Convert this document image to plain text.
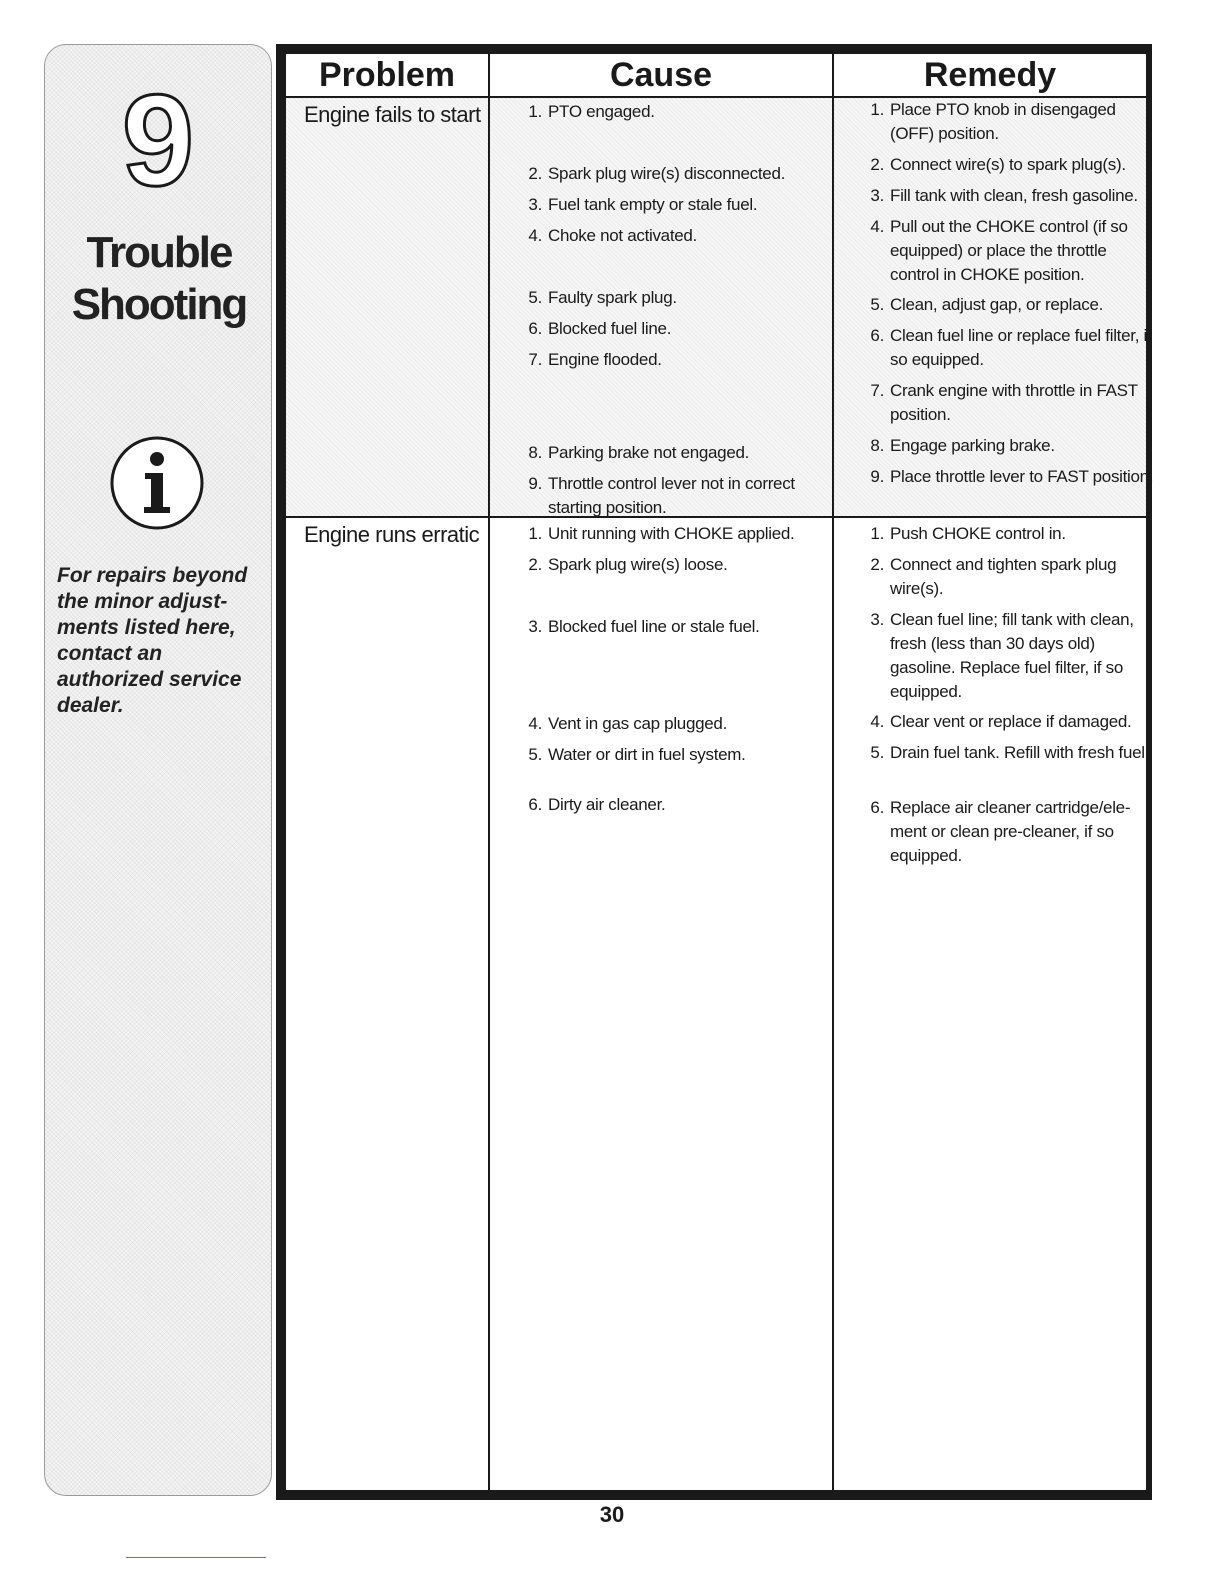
9
Trouble
Shooting
For repairs beyond the minor adjust-ments listed here, contact an authorized service dealer.
Problem	Cause	Remedy
Engine fails to start
Engine runs erratic
1. PTO engaged.
2. Spark plug wire(s) disconnected.
3. Fuel tank empty or stale fuel.
4. Choke not activated.
5. Faulty spark plug.
6. Blocked fuel line.
7. Engine flooded.
8. Parking brake not engaged.
9. Throttle control lever not in correct starting position.
1. Place PTO knob in disengaged (OFF) position.
2. Connect wire(s) to spark plug(s).
3. Fill tank with clean, fresh gasoline.
4. Pull out the CHOKE control (if so equipped) or place the throttle control in CHOKE position.
5. Clean, adjust gap, or replace.
6. Clean fuel line or replace fuel filter, if so equipped.
7. Crank engine with throttle in FAST position.
8. Engage parking brake.
9. Place throttle lever to FAST position.
1. Unit running with CHOKE applied.
2. Spark plug wire(s) loose.
3. Blocked fuel line or stale fuel.
4. Vent in gas cap plugged.
5. Water or dirt in fuel system.
6. Dirty air cleaner.
1. Push CHOKE control in.
2. Connect and tighten spark plug wire(s).
3. Clean fuel line; fill tank with clean, fresh (less than 30 days old) gasoline. Replace fuel filter, if so equipped.
4. Clear vent or replace if damaged.
5. Drain fuel tank. Refill with fresh fuel.
6. Replace air cleaner cartridge/ele-ment or clean pre-cleaner, if so equipped.
30
